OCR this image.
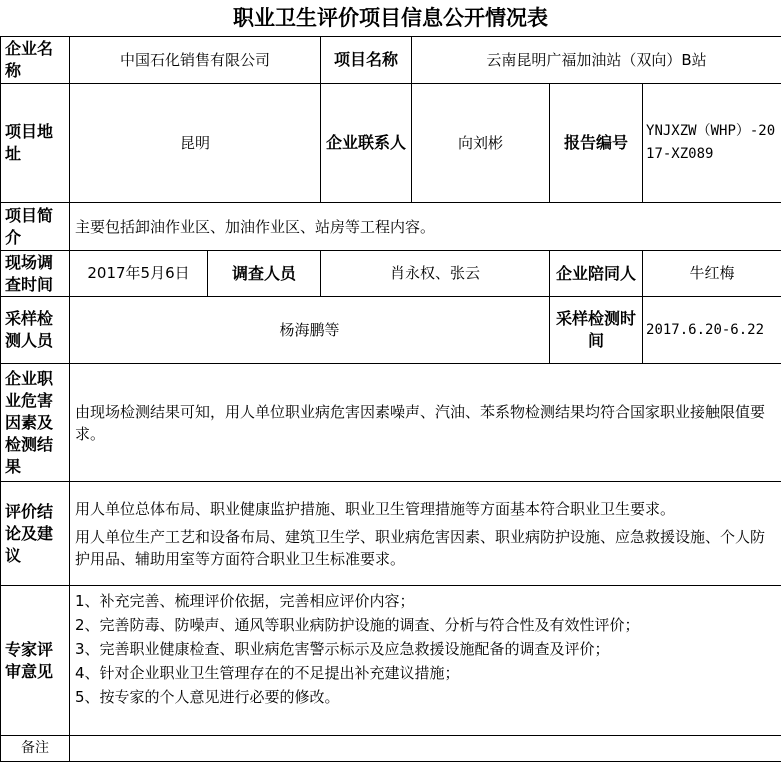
职业卫生评价项目信息公开情况表
企业名称	中国石化销售有限公司		项目名称	云南昆明广福加油站（双向）B站		
项目地址	昆明		企业联系人	向刘彬	报告编号	YNJXZW（WHP）-2017-XZ089
项目简介	主要包括卸油作业区、加油作业区、站房等工程内容。					
现场调查时间	2017年5月6日	调查人员	肖永权、张云		企业陪同人	牛红梅
采样检测人员	杨海鹏等				采样检测时间	2017.6.20-6.22
企业职业危害因素及检测结果	由现场检测结果可知，用人单位职业病危害因素噪声、汽油、苯系物检测结果均符合国家职业接触限值要求。					
评价结论及建议	用人单位总体布局、职业健康监护措施、职业卫生管理措施等方面基本符合职业卫生要求。

用人单位生产工艺和设备布局、建筑卫生学、职业病危害因素、职业病防护设施、应急救援设施、个人防护用品、辅助用室等方面符合职业卫生标准要求。					

专家评审意见	1、补充完善、梳理评价依据，完善相应评价内容；
2、完善防毒、防噪声、通风等职业病防护设施的调查、分析与符合性及有效性评价；
3、完善职业健康检查、职业病危害警示标示及应急救援设施配备的调查及评价；
4、针对企业职业卫生管理存在的不足提出补充建议措施；
5、按专家的个人意见进行必要的修改。					

备注						
